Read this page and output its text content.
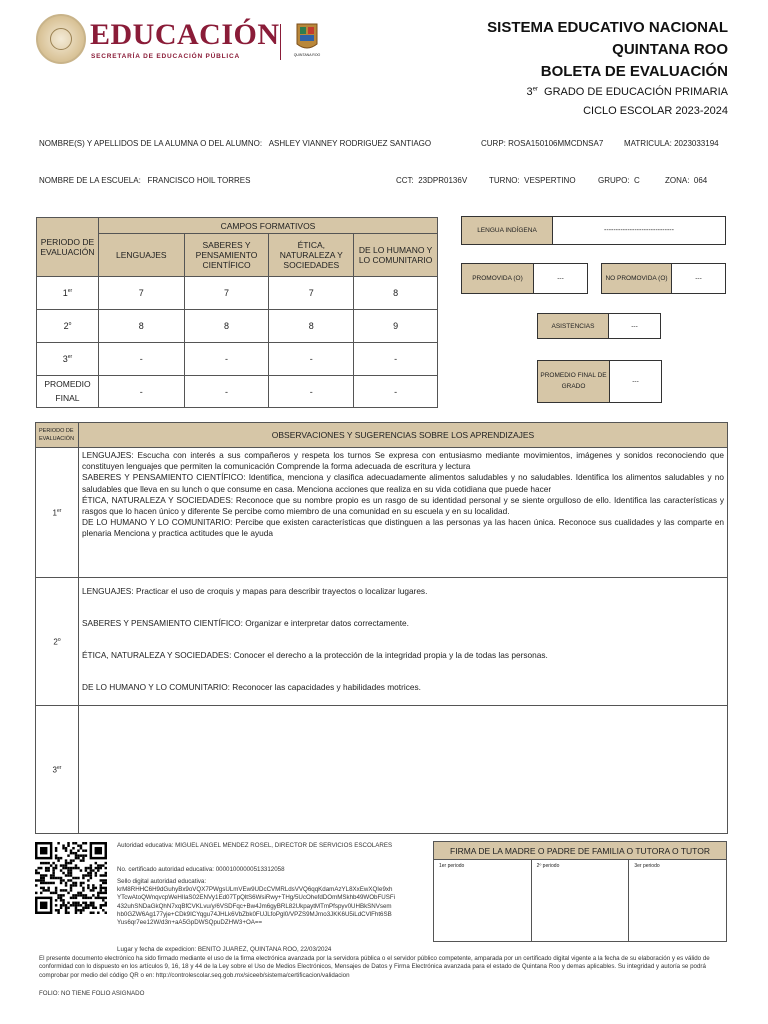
EDUCACIÓN
SECRETARÍA DE EDUCACIÓN PÚBLICA	QUINTANA ROO
SISTEMA EDUCATIVO NACIONAL
QUINTANA ROO
BOLETA DE EVALUACIÓN
3er GRADO DE EDUCACIÓN PRIMARIA
CICLO ESCOLAR 2023-2024
NOMBRE(S) Y APELLIDOS DE LA ALUMNA O DEL ALUMNO: ASHLEY VIANNEY RODRIGUEZ SANTIAGO	CURP: ROSA150106MMCDNSA7	MATRICULA: 2023033194
NOMBRE DE LA ESCUELA: FRANCISCO HOIL TORRES	CCT: 23DPR0136V	TURNO: VESPERTINO	GRUPO: C	ZONA: 064
PERIODO DE EVALUACIÓN	CAMPOS FORMATIVOS			
	LENGUAJES	SABERES Y PENSAMIENTO CIENTÍFICO	ÉTICA, NATURALEZA Y SOCIEDADES	DE LO HUMANO Y LO COMUNITARIO
1er	7	7	7	8
2$^o$	8	8	8	9
3er	-	-	-	-
PROMEDIO FINAL	-	-	-	-
LENGUA INDÍGENA	------------------------------
PROMOVIDA (O)	---	NO PROMOVIDA (O)	---
ASISTENCIAS	---
PROMEDIO FINAL DE GRADO
---
PERIODO DE EVALUACIÓN	OBSERVACIONES Y SUGERENCIAS SOBRE LOS APRENDIZAJES
1er	LENGUAJES: Escucha con interés a sus compañeros y respeta los turnos Se expresa con entusiasmo mediante movimientos, imágenes y sonidos reconociendo que constituyen lenguajes que permiten la comunicación Comprende la forma adecuada de escritura y lectura
SABERES Y PENSAMIENTO CIENTÍFICO: Identifica, menciona y clasifica adecuadamente alimentos saludables y no saludables. Identifica los alimentos saludables y no saludables que lleva en su lunch o que consume en casa. Menciona acciones que realiza en su vida cotidiana que puede hacer
ÉTICA, NATURALEZA Y SOCIEDADES: Reconoce que su nombre propio es un rasgo de su identidad personal y se siente orgulloso de ello. Identifica las características y rasgos que lo hacen único y diferente Se percibe como miembro de una comunidad en su escuela y en su localidad.
DE LO HUMANO Y LO COMUNITARIO: Percibe que existen características que distinguen a las personas ya las hacen única. Reconoce sus cualidades y las comparte en plenaria Menciona y practica actitudes que le ayuda

2$^o$	LENGUAJES: Practicar el uso de croquis y mapas para describir trayectos o localizar lugares.
SABERES Y PENSAMIENTO CIENTÍFICO: Organizar e interpretar datos correctamente.
ÉTICA, NATURALEZA Y SOCIEDADES: Conocer el derecho a la protección de la integridad propia y la de todas las personas.
DE LO HUMANO Y LO COMUNITARIO: Reconocer las capacidades y habilidades motrices.

3er	
Autoridad educativa: MIGUEL ANGEL MENDEZ ROSEL, DIRECTOR DE SERVICIOS ESCOLARES
No. certificado autoridad educativa: 00001000000513312058
Sello digital autoridad educativa:
krM8RHHC6H9dGuhyBx9oVQX7PWgsULmVEw9UDcCVMRLdsVVQ6qqKdamAzYL8XxEwXQIe9xhYTcwAtoQWnqvcpWeHIlaS02ENVy1Ed07TpQltS6WsiRwy+THg/5UcOhefdDOmMSkhb49WObFUSFi432uhSNDaGkQhN7xqBfCVKLvu/y/6VSDFqc+Bw4Jm6gyBRL82UkpaytMTmPfspyv0UHBkSNVsemhb0GZW6Ag177yje+CDk9ICYqgu74JHLk6VbZbk0FUJLfoPgl0/VPZS9MJrno3JKK6U5iLdCVlFht6SBYus6qr7ee12W/d3n+aA5GpDWSQpuDZHW3+OA==
Lugar y fecha de expedicion: BENITO JUAREZ, QUINTANA ROO, 22/03/2024
El presente documento electrónico ha sido firmado mediante el uso de la firma electrónica avanzada por la servidora pública o el servidor público competente, amparada por un certificado digital vigente a la fecha de su elaboración y es válido de conformidad con lo dispuesto en los artículos 9, 16, 18 y 44 de la Ley sobre el Uso de Medios Electrónicos, Mensajes de Datos y Firma Electrónica avanzada para el estado de Quintana Roo y demas aplicables. Su integridad y autoría se podrá comprobar por medio del código QR o en: http://controlescolar.seq.gob.mx/siceeb/sistema/certificacion/validacion
FOLIO: NO TIENE FOLIO ASIGNADO
FIRMA DE LA MADRE O PADRE DE FAMILIA O TUTORA O TUTOR
1er periodo	2º periodo	3er periodo
